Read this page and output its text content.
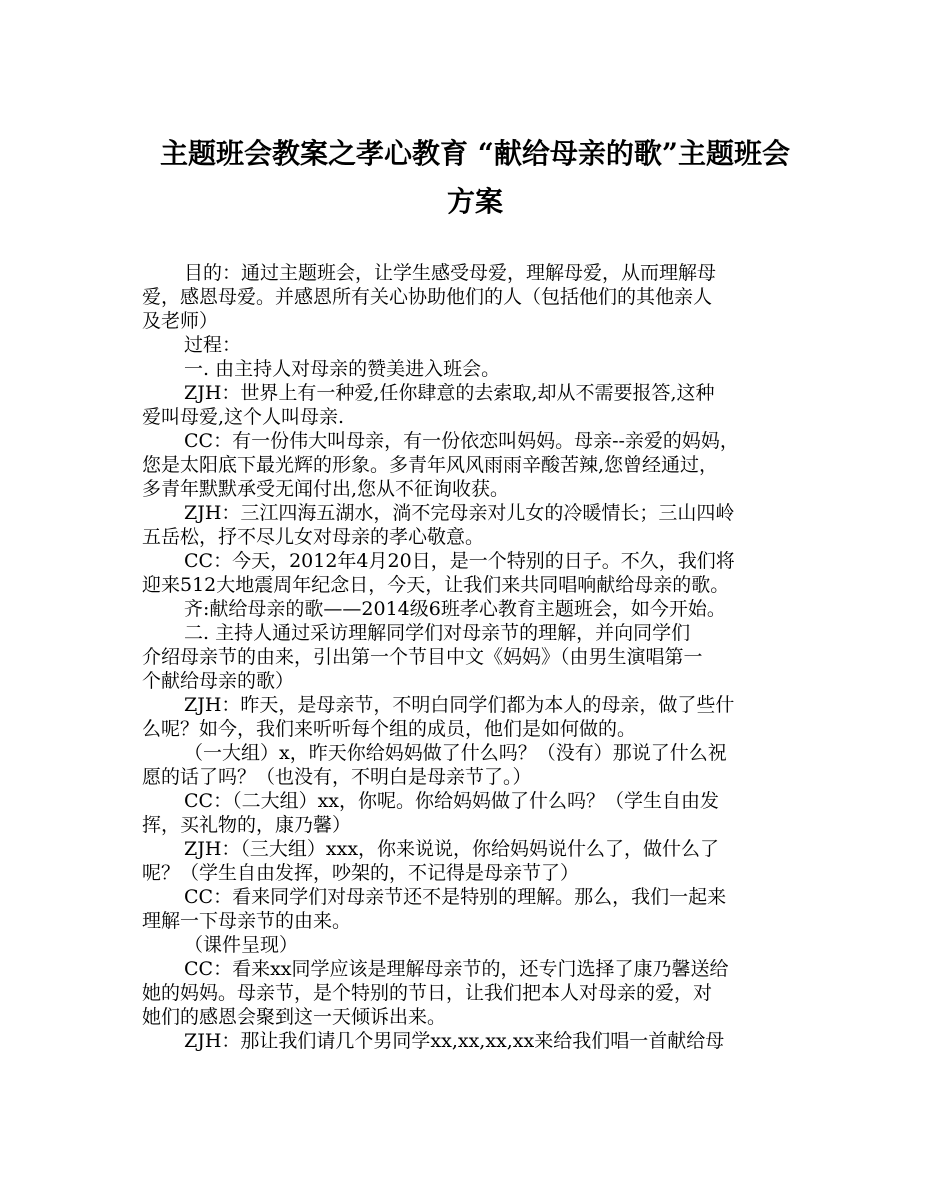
主题班会教案之孝心教育 “献给母亲的歌”主题班会
方案
目的：通过主题班会，让学生感受母爱，理解母爱，从而理解母
爱，感恩母爱。并感恩所有关心协助他们的人（包括他们的其他亲人
及老师）
过程：
一. 由主持人对母亲的赞美进入班会。
ZJH：世界上有一种爱,任你肆意的去索取,却从不需要报答,这种
爱叫母爱,这个人叫母亲.
CC：有一份伟大叫母亲，有一份依恋叫妈妈。母亲--亲爱的妈妈，
您是太阳底下最光辉的形象。多青年风风雨雨辛酸苦辣,您曾经通过，
多青年默默承受无闻付出,您从不征询收获。
ZJH：三江四海五湖水，淌不完母亲对儿女的冷暖情长；三山四岭
五岳松，抒不尽儿女对母亲的孝心敬意。
CC：今天，2012年4月20日，是一个特别的日子。不久，我们将
迎来512大地震周年纪念日，今天，让我们来共同唱响献给母亲的歌。
齐:献给母亲的歌——2014级6班孝心教育主题班会，如今开始。
二. 主持人通过采访理解同学们对母亲节的理解，并向同学们
介绍母亲节的由来，引出第一个节目中文《妈妈》（由男生演唱第一
个献给母亲的歌）
ZJH：昨天，是母亲节，不明白同学们都为本人的母亲，做了些什
么呢？如今，我们来听听每个组的成员，他们是如何做的。
（一大组）x，昨天你给妈妈做了什么吗？（没有）那说了什么祝
愿的话了吗？（也没有，不明白是母亲节了。）
CC：（二大组）xx，你呢。你给妈妈做了什么吗？（学生自由发
挥，买礼物的，康乃馨）
ZJH：（三大组）xxx，你来说说，你给妈妈说什么了，做什么了
呢？（学生自由发挥，吵架的，不记得是母亲节了）
CC：看来同学们对母亲节还不是特别的理解。那么，我们一起来
理解一下母亲节的由来。
（课件呈现）
CC：看来xx同学应该是理解母亲节的，还专门选择了康乃馨送给
她的妈妈。母亲节，是个特别的节日，让我们把本人对母亲的爱，对
她们的感恩会聚到这一天倾诉出来。
ZJH：那让我们请几个男同学xx,xx,xx,xx来给我们唱一首献给母
